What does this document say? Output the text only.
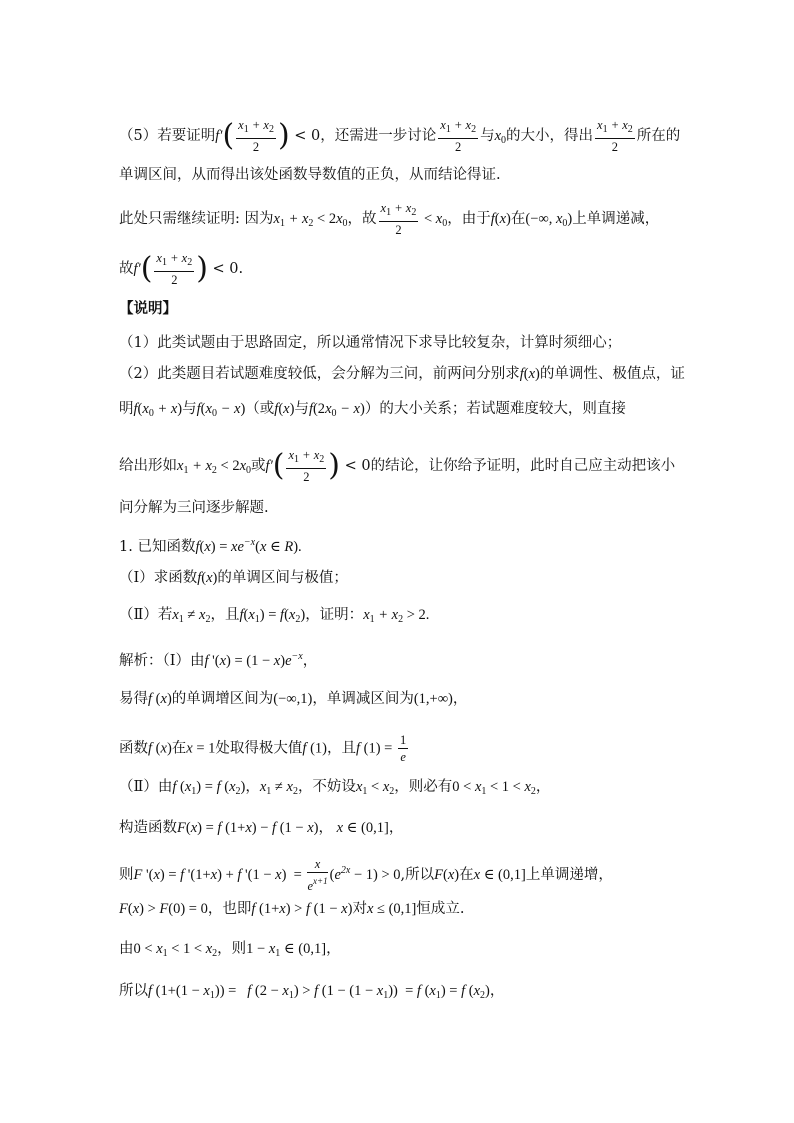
（5）若要证明$f'( \frac{x_1 + x_2}{2}$ ) < 0，还需进一步讨论 $\frac{x_1 + x_2}{2}$ 与$x_0$的大小，得出 $\frac{x_1 + x_2}{2}$ 所在的
单调区间，从而得出该处函数导数值的正负，从而结论得证.
此处只需继续证明: 因为$x_1 + x_2 < 2x_0$，故 $\frac{x_1 + x_2}{2} < x_0$，由于f(x)在(−∞, $x_0$)上单调递减，
故$f'( \frac{x_1 + x_2}{2}$ ) < 0.
【说明】
（1）此类试题由于思路固定，所以通常情况下求导比较复杂，计算时须细心；
（2）此类题目若试题难度较低，会分解为三问，前两问分别求f(x)的单调性、极值点，证
明$f(x_0 + x)$与$f(x_0 - x)$（或f(x)与$f(2x_0 - x)$）的大小关系；若试题难度较大，则直接
给出形如$x_1 + x_2 < 2x_0$或$f'( \frac{x_1 + x_2}{2}$ ) < 0的结论，让你给予证明，此时自己应主动把该小
问分解为三问逐步解题.
1. 已知函数$f(x) = xe^{-x}(x$ ∈ R).
（Ⅰ）求函数f(x)的单调区间与极值；
（Ⅱ）若$x_1 \ne x_2$，且$f(x_1) = f(x_2)$，证明：$x_1 + x_2 > 2$.
解析：（Ⅰ）由f '$(x) = (1 - x)e^{-x}$，
易得f (x)的单调增区间为(−∞,1)，单调减区间为(1,+∞)，
函数f (x)在x = 1处取得极大值f (1)，且f $(1) = \frac{1}{e}$
（Ⅱ）由f $(x_1) = f$ $(x_2)$，$x_1 \ne x_2$，不妨设$x_1 < x_2$，则必有$0 < x_1 < 1 < x_2$，
构造函数F(x) = f (1+x) − f (1 − x)， x ∈ (0,1]，
则F '(x) = f '(1+x) + f '$(1 - x) = \frac{x}{e^{x+1}} (e^{2x} - 1) > 0$,所以F(x)在x ∈ (0,1]上单调递增，
F(x) > F(0) = 0，也即f (1+x) > f (1 − x)对x ≤ (0,1]恒成立.
由$0 < x_1 < 1 < x_2$，则$1 - x_1$ ∈ (0,1]，
所以f $(1+(1 - x_1)) = f$ $(2 - x_1) > f$ $(1 - (1 - x_1)) = f$ $(x_1) = f$ $(x_2)$，
